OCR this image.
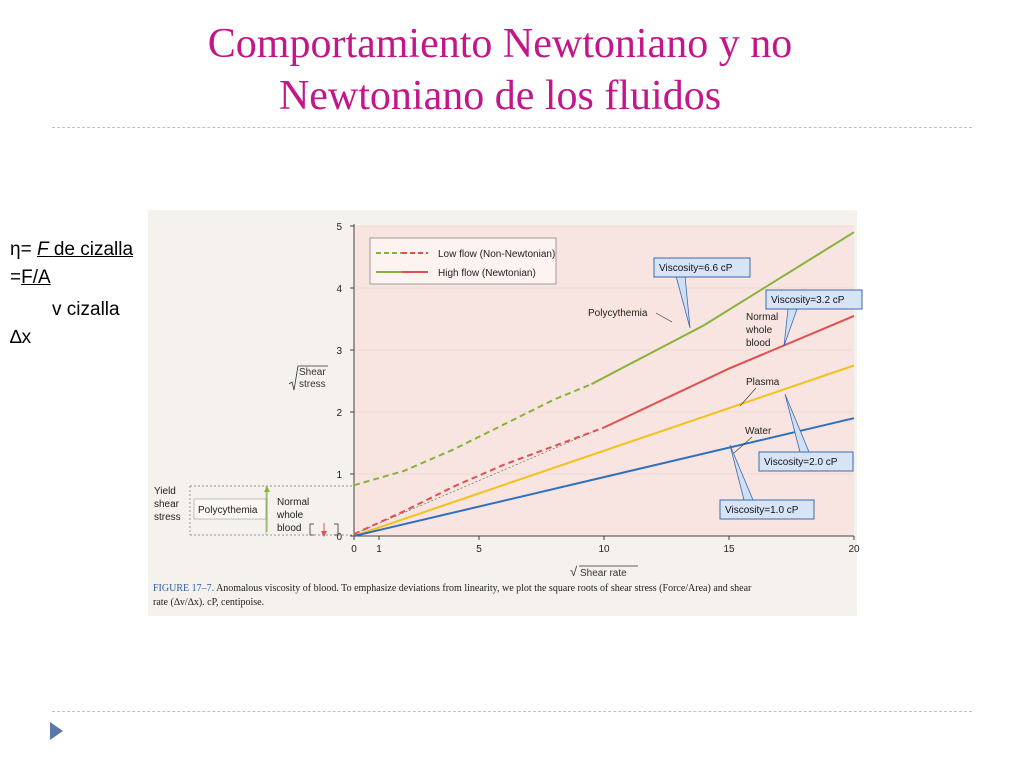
Comportamiento Newtoniano y no
Newtoniano de los fluidos
η= F de cizalla
=F/A
v cizalla
∆x
0
1
2
3
4
5
0 1	5	10	15	20
Shear
stress
√ Shear rate
Low flow (Non-Newtonian)
High flow (Newtonian)
Polycythemia	Normal
whole
blood
Plasma
Water
Viscosity=6.6 cP
Viscosity=3.2 cP
Viscosity=2.0 cP
Viscosity=1.0 cP
Yield
shear
stress
Polycythemia
Normal
whole
blood
FIGURE 17–7. Anomalous viscosity of blood. To emphasize deviations from linearity, we plot the square roots of shear stress (Force/Area) and shear
rate (∆v/∆x). cP, centipoise.
